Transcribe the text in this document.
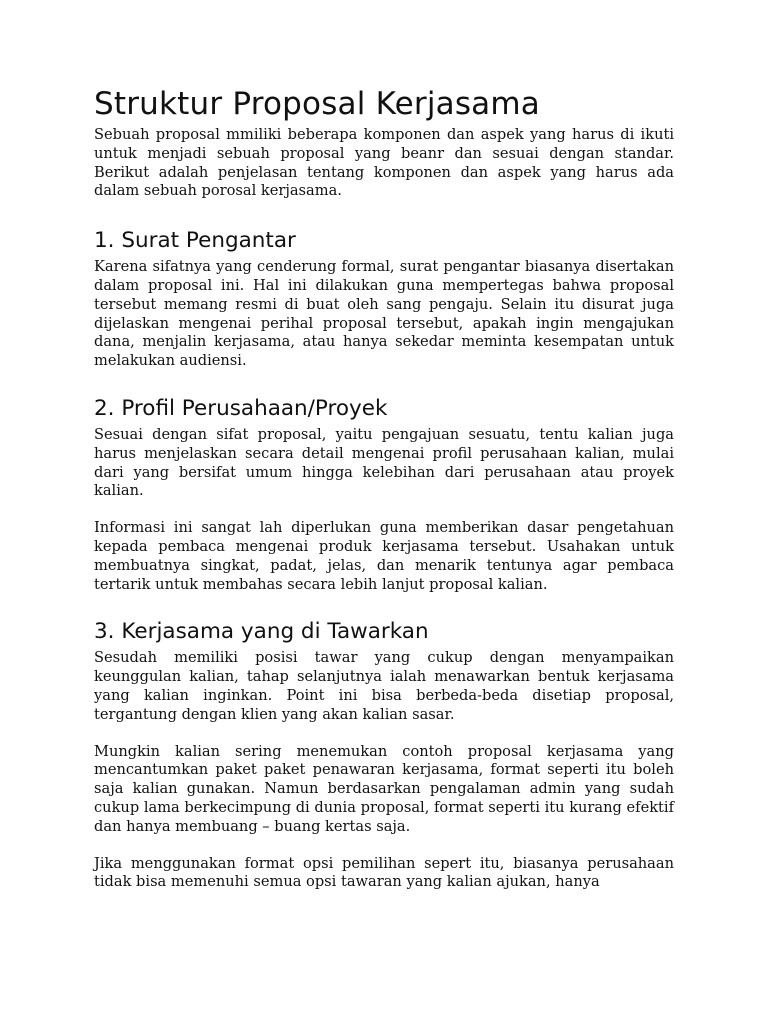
Struktur Proposal Kerjasama

Sebuah proposal mmiliki beberapa komponen dan aspek yang harus di ikuti untuk menjadi sebuah proposal yang beanr dan sesuai dengan standar. Berikut adalah penjelasan tentang komponen dan aspek yang harus ada dalam sebuah porosal kerjasama.

1. Surat Pengantar

Karena sifatnya yang cenderung formal, surat pengantar biasanya disertakan dalam proposal ini. Hal ini dilakukan guna mempertegas bahwa proposal tersebut memang resmi di buat oleh sang pengaju. Selain itu disurat juga dijelaskan mengenai perihal proposal tersebut, apakah ingin mengajukan dana, menjalin kerjasama, atau hanya sekedar meminta kesempatan untuk melakukan audiensi.

2. Profil Perusahaan/Proyek

Sesuai dengan sifat proposal, yaitu pengajuan sesuatu, tentu kalian juga harus menjelaskan secara detail mengenai profil perusahaan kalian, mulai dari yang bersifat umum hingga kelebihan dari perusahaan atau proyek kalian.

Informasi ini sangat lah diperlukan guna memberikan dasar pengetahuan kepada pembaca mengenai produk kerjasama tersebut. Usahakan untuk membuatnya singkat, padat, jelas, dan menarik tentunya agar pembaca tertarik untuk membahas secara lebih lanjut proposal kalian.

3. Kerjasama yang di Tawarkan

Sesudah memiliki posisi tawar yang cukup dengan menyampaikan keunggulan kalian, tahap selanjutnya ialah menawarkan bentuk kerjasama yang kalian inginkan. Point ini bisa berbeda-beda disetiap proposal, tergantung dengan klien yang akan kalian sasar.

Mungkin kalian sering menemukan contoh proposal kerjasama yang mencantumkan paket paket penawaran kerjasama, format seperti itu boleh saja kalian gunakan. Namun berdasarkan pengalaman admin yang sudah cukup lama berkecimpung di dunia proposal, format seperti itu kurang efektif dan hanya membuang – buang kertas saja.

Jika menggunakan format opsi pemilihan sepert itu, biasanya perusahaan tidak bisa memenuhi semua opsi tawaran yang kalian ajukan, hanya
